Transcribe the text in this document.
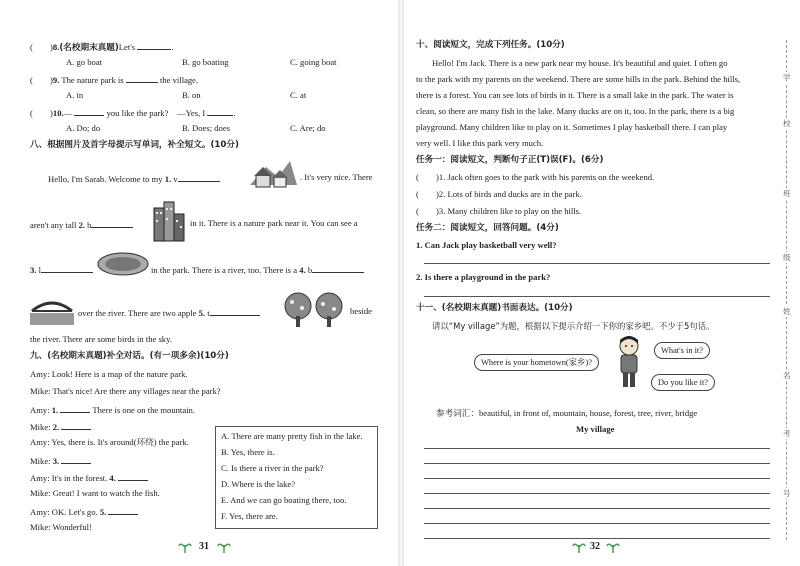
(　　)8.(名校期末真题)Let's	.
A. go boat	B. go boating	C. going boat
(　　)9. The nature park is	the village.
A. in	B. on	C. at
(　　)10.—	you like the park?　—Yes, I	.
A. Do; do	B. Does; does	C. Are; do
八、根据图片及首字母提示写单词，补全短文。(10分)
Hello, I'm Sarah. Welcome to my 1. v	. It's very nice. There
aren't any tall 2. b	in it. There is a nature park near it. You can see a
3. l	in the park. There is a river, too. There is a 4. b
over the river. There are two apple 5. t	beside
the river. There are some birds in the sky.
九、(名校期末真题)补全对话。(有一项多余)(10分)
Amy: Look! Here is a map of the nature park.
Mike: That's nice! Are there any villages near the park?
Amy: 1.	There is one on the mountain.
Mike: 2.
Amy: Yes, there is. It's around(环绕) the park.
Mike: 3.
Amy: It's in the forest. 4.
Mike: Great! I want to watch the fish.
Amy: OK. Let's go. 5.
Mike: Wonderful!
A. There are many pretty fish in the lake.
B. Yes, there is.
C. Is there a river in the park?
D. Where is the lake?
E. And we can go boating there, too.
F. Yes, there are.
31
十、阅读短文，完成下列任务。(10分)
Hello! I'm Jack. There is a new park near my house. It's beautiful and quiet. I often go
to the park with my parents on the weekend. There are some hills in the park. Behind the hills,
there is a forest. You can see lots of birds in it. There is a small lake in the park. The water is
clean, so there are many fish in the lake. Many ducks are on it, too. In the park, there is a big
playground. Many children like to play on it. Sometimes I play basketball there. I can play
very well. I like this park very much.
任务一：阅读短文，判断句子正(T)误(F)。(6分)
(　　)1. Jack often goes to the park with his parents on the weekend.
(　　)2. Lots of birds and ducks are in the park.
(　　)3. Many children like to play on the hills.
任务二：阅读短文，回答问题。(4分)
1. Can Jack play basketball very well?
2. Is there a playground in the park?
十一、(名校期末真题)书面表达。(10分)
请以“My village”为题，根据以下提示介绍一下你的家乡吧。不少于5句话。
Where is your hometown(家乡)?
What's in it?
Do you like it?
参考词汇：beautiful, in front of, mountain, house, forest, tree, river, bridge
My village
32
学
校
班
级
姓
名
考
号
